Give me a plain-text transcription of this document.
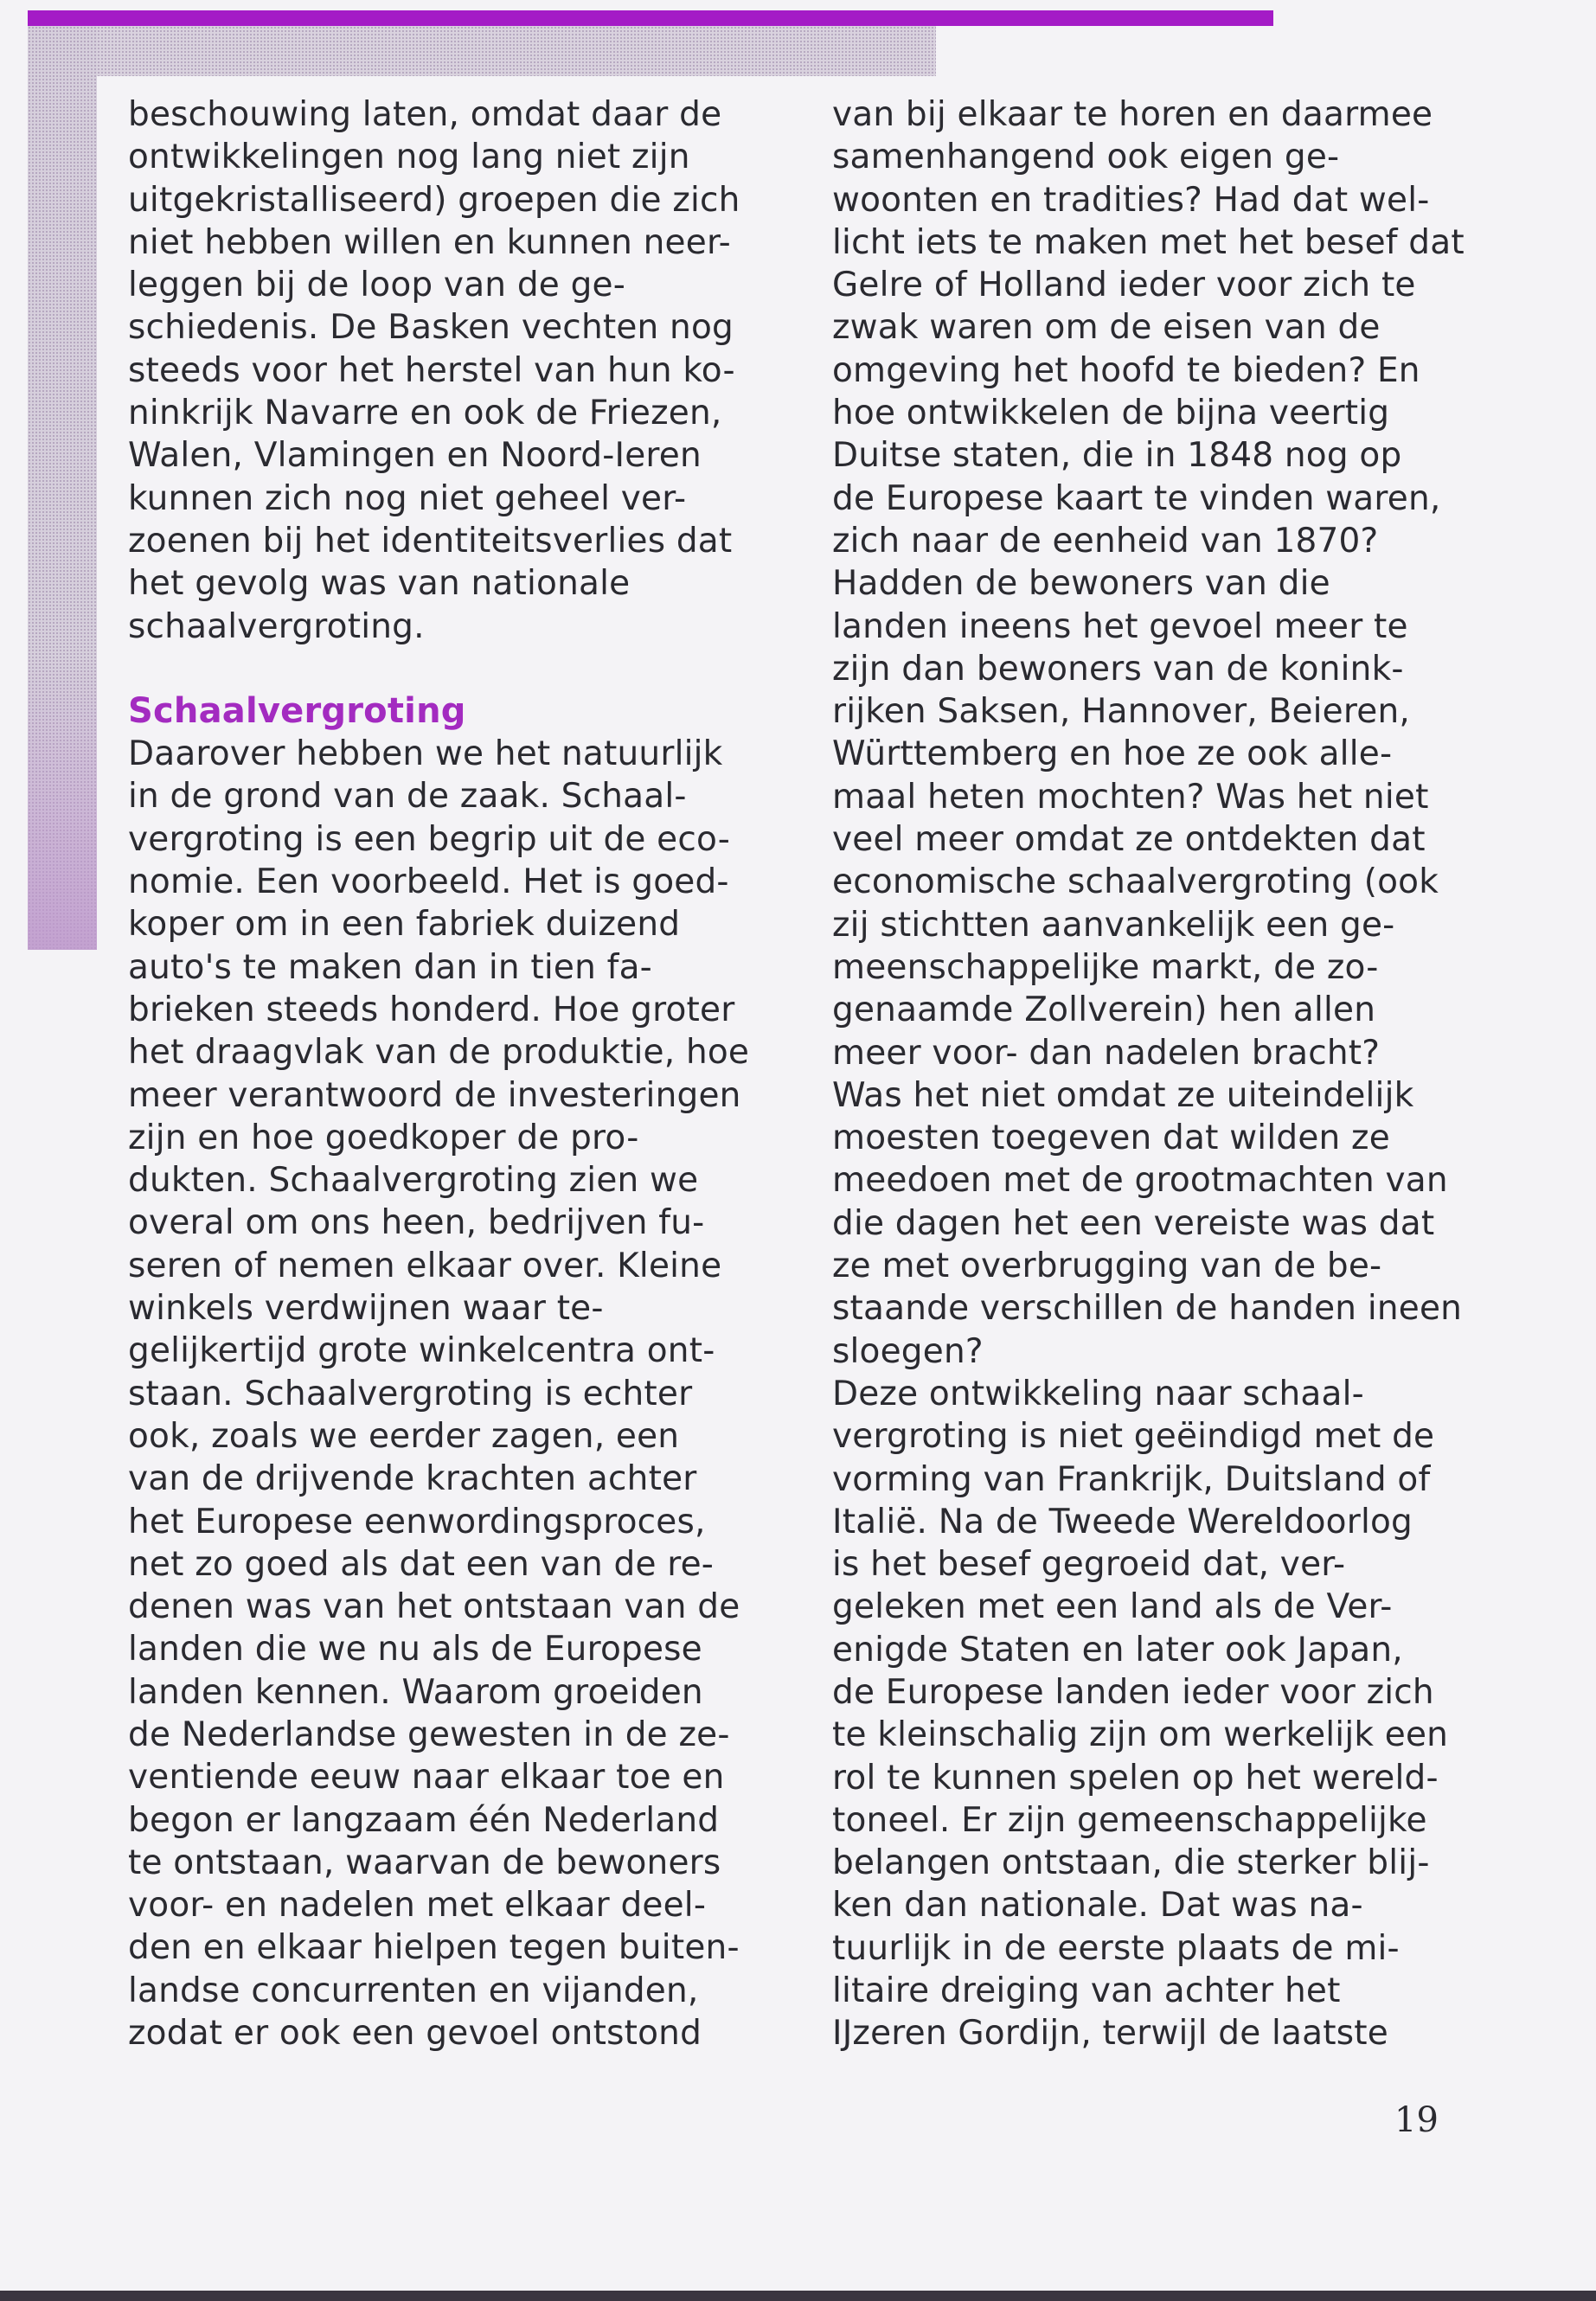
beschouwing laten, omdat daar de
ontwikkelingen nog lang niet zijn
uitgekristalliseerd) groepen die zich
niet hebben willen en kunnen neer-
leggen bij de loop van de ge-
schiedenis. De Basken vechten nog
steeds voor het herstel van hun ko-
ninkrijk Navarre en ook de Friezen,
Walen, Vlamingen en Noord-Ieren
kunnen zich nog niet geheel ver-
zoenen bij het identiteitsverlies dat
het gevolg was van nationale
schaalvergroting.
Schaalvergroting
Daarover hebben we het natuurlijk
in de grond van de zaak. Schaal-
vergroting is een begrip uit de eco-
nomie. Een voorbeeld. Het is goed-
koper om in een fabriek duizend
auto's te maken dan in tien fa-
brieken steeds honderd. Hoe groter
het draagvlak van de produktie, hoe
meer verantwoord de investeringen
zijn en hoe goedkoper de pro-
dukten. Schaalvergroting zien we
overal om ons heen, bedrijven fu-
seren of nemen elkaar over. Kleine
winkels verdwijnen waar te-
gelijkertijd grote winkelcentra ont-
staan. Schaalvergroting is echter
ook, zoals we eerder zagen, een
van de drijvende krachten achter
het Europese eenwordingsproces,
net zo goed als dat een van de re-
denen was van het ontstaan van de
landen die we nu als de Europese
landen kennen. Waarom groeiden
de Nederlandse gewesten in de ze-
ventiende eeuw naar elkaar toe en
begon er langzaam één Nederland
te ontstaan, waarvan de bewoners
voor- en nadelen met elkaar deel-
den en elkaar hielpen tegen buiten-
landse concurrenten en vijanden,
zodat er ook een gevoel ontstond
van bij elkaar te horen en daarmee
samenhangend ook eigen ge-
woonten en tradities? Had dat wel-
licht iets te maken met het besef dat
Gelre of Holland ieder voor zich te
zwak waren om de eisen van de
omgeving het hoofd te bieden? En
hoe ontwikkelen de bijna veertig
Duitse staten, die in 1848 nog op
de Europese kaart te vinden waren,
zich naar de eenheid van 1870?
Hadden de bewoners van die
landen ineens het gevoel meer te
zijn dan bewoners van de konink-
rijken Saksen, Hannover, Beieren,
Württemberg en hoe ze ook alle-
maal heten mochten? Was het niet
veel meer omdat ze ontdekten dat
economische schaalvergroting (ook
zij stichtten aanvankelijk een ge-
meenschappelijke markt, de zo-
genaamde Zollverein) hen allen
meer voor- dan nadelen bracht?
Was het niet omdat ze uiteindelijk
moesten toegeven dat wilden ze
meedoen met de grootmachten van
die dagen het een vereiste was dat
ze met overbrugging van de be-
staande verschillen de handen ineen
sloegen?
Deze ontwikkeling naar schaal-
vergroting is niet geëindigd met de
vorming van Frankrijk, Duitsland of
Italië. Na de Tweede Wereldoorlog
is het besef gegroeid dat, ver-
geleken met een land als de Ver-
enigde Staten en later ook Japan,
de Europese landen ieder voor zich
te kleinschalig zijn om werkelijk een
rol te kunnen spelen op het wereld-
toneel. Er zijn gemeenschappelijke
belangen ontstaan, die sterker blij-
ken dan nationale. Dat was na-
tuurlijk in de eerste plaats de mi-
litaire dreiging van achter het
IJzeren Gordijn, terwijl de laatste
19
